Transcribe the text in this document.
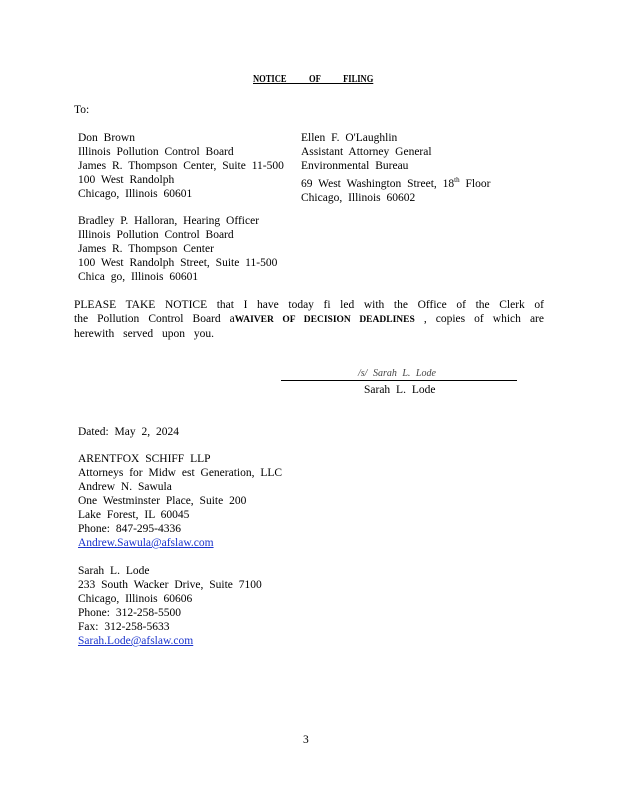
NOTICE OF FILING
To:
Don Brown
Illinois Pollution Control Board
James R. Thompson Center, Suite 11-500
100 West Randolph
Chicago, Illinois 60601
Ellen F. O'Laughlin
Assistant Attorney General
Environmental Bureau
69 West Washington Street, 18th Floor
Chicago, Illinois 60602
Bradley P. Halloran, Hearing Officer
Illinois Pollution Control Board
James R. Thompson Center
100 West Randolph Street, Suite 11-500
Chica go, Illinois 60601
PLEASE TAKE NOTICE that I have today fi led with the Office of the Clerk of the Pollution Control Board aWAIVER OF DECISION DEADLINES , copies of which are herewith served upon you.
/s/ Sarah L. Lode
Sarah L. Lode
Dated: May 2, 2024
ARENTFOX SCHIFF LLP
Attorneys for Midw est Generation, LLC
Andrew N. Sawula
One Westminster Place, Suite 200
Lake Forest, IL 60045
Phone: 847-295-4336
Andrew.Sawula@afslaw.com
Sarah L. Lode
233 South Wacker Drive, Suite 7100
Chicago, Illinois 60606
Phone: 312-258-5500
Fax: 312-258-5633
Sarah.Lode@afslaw.com
3
